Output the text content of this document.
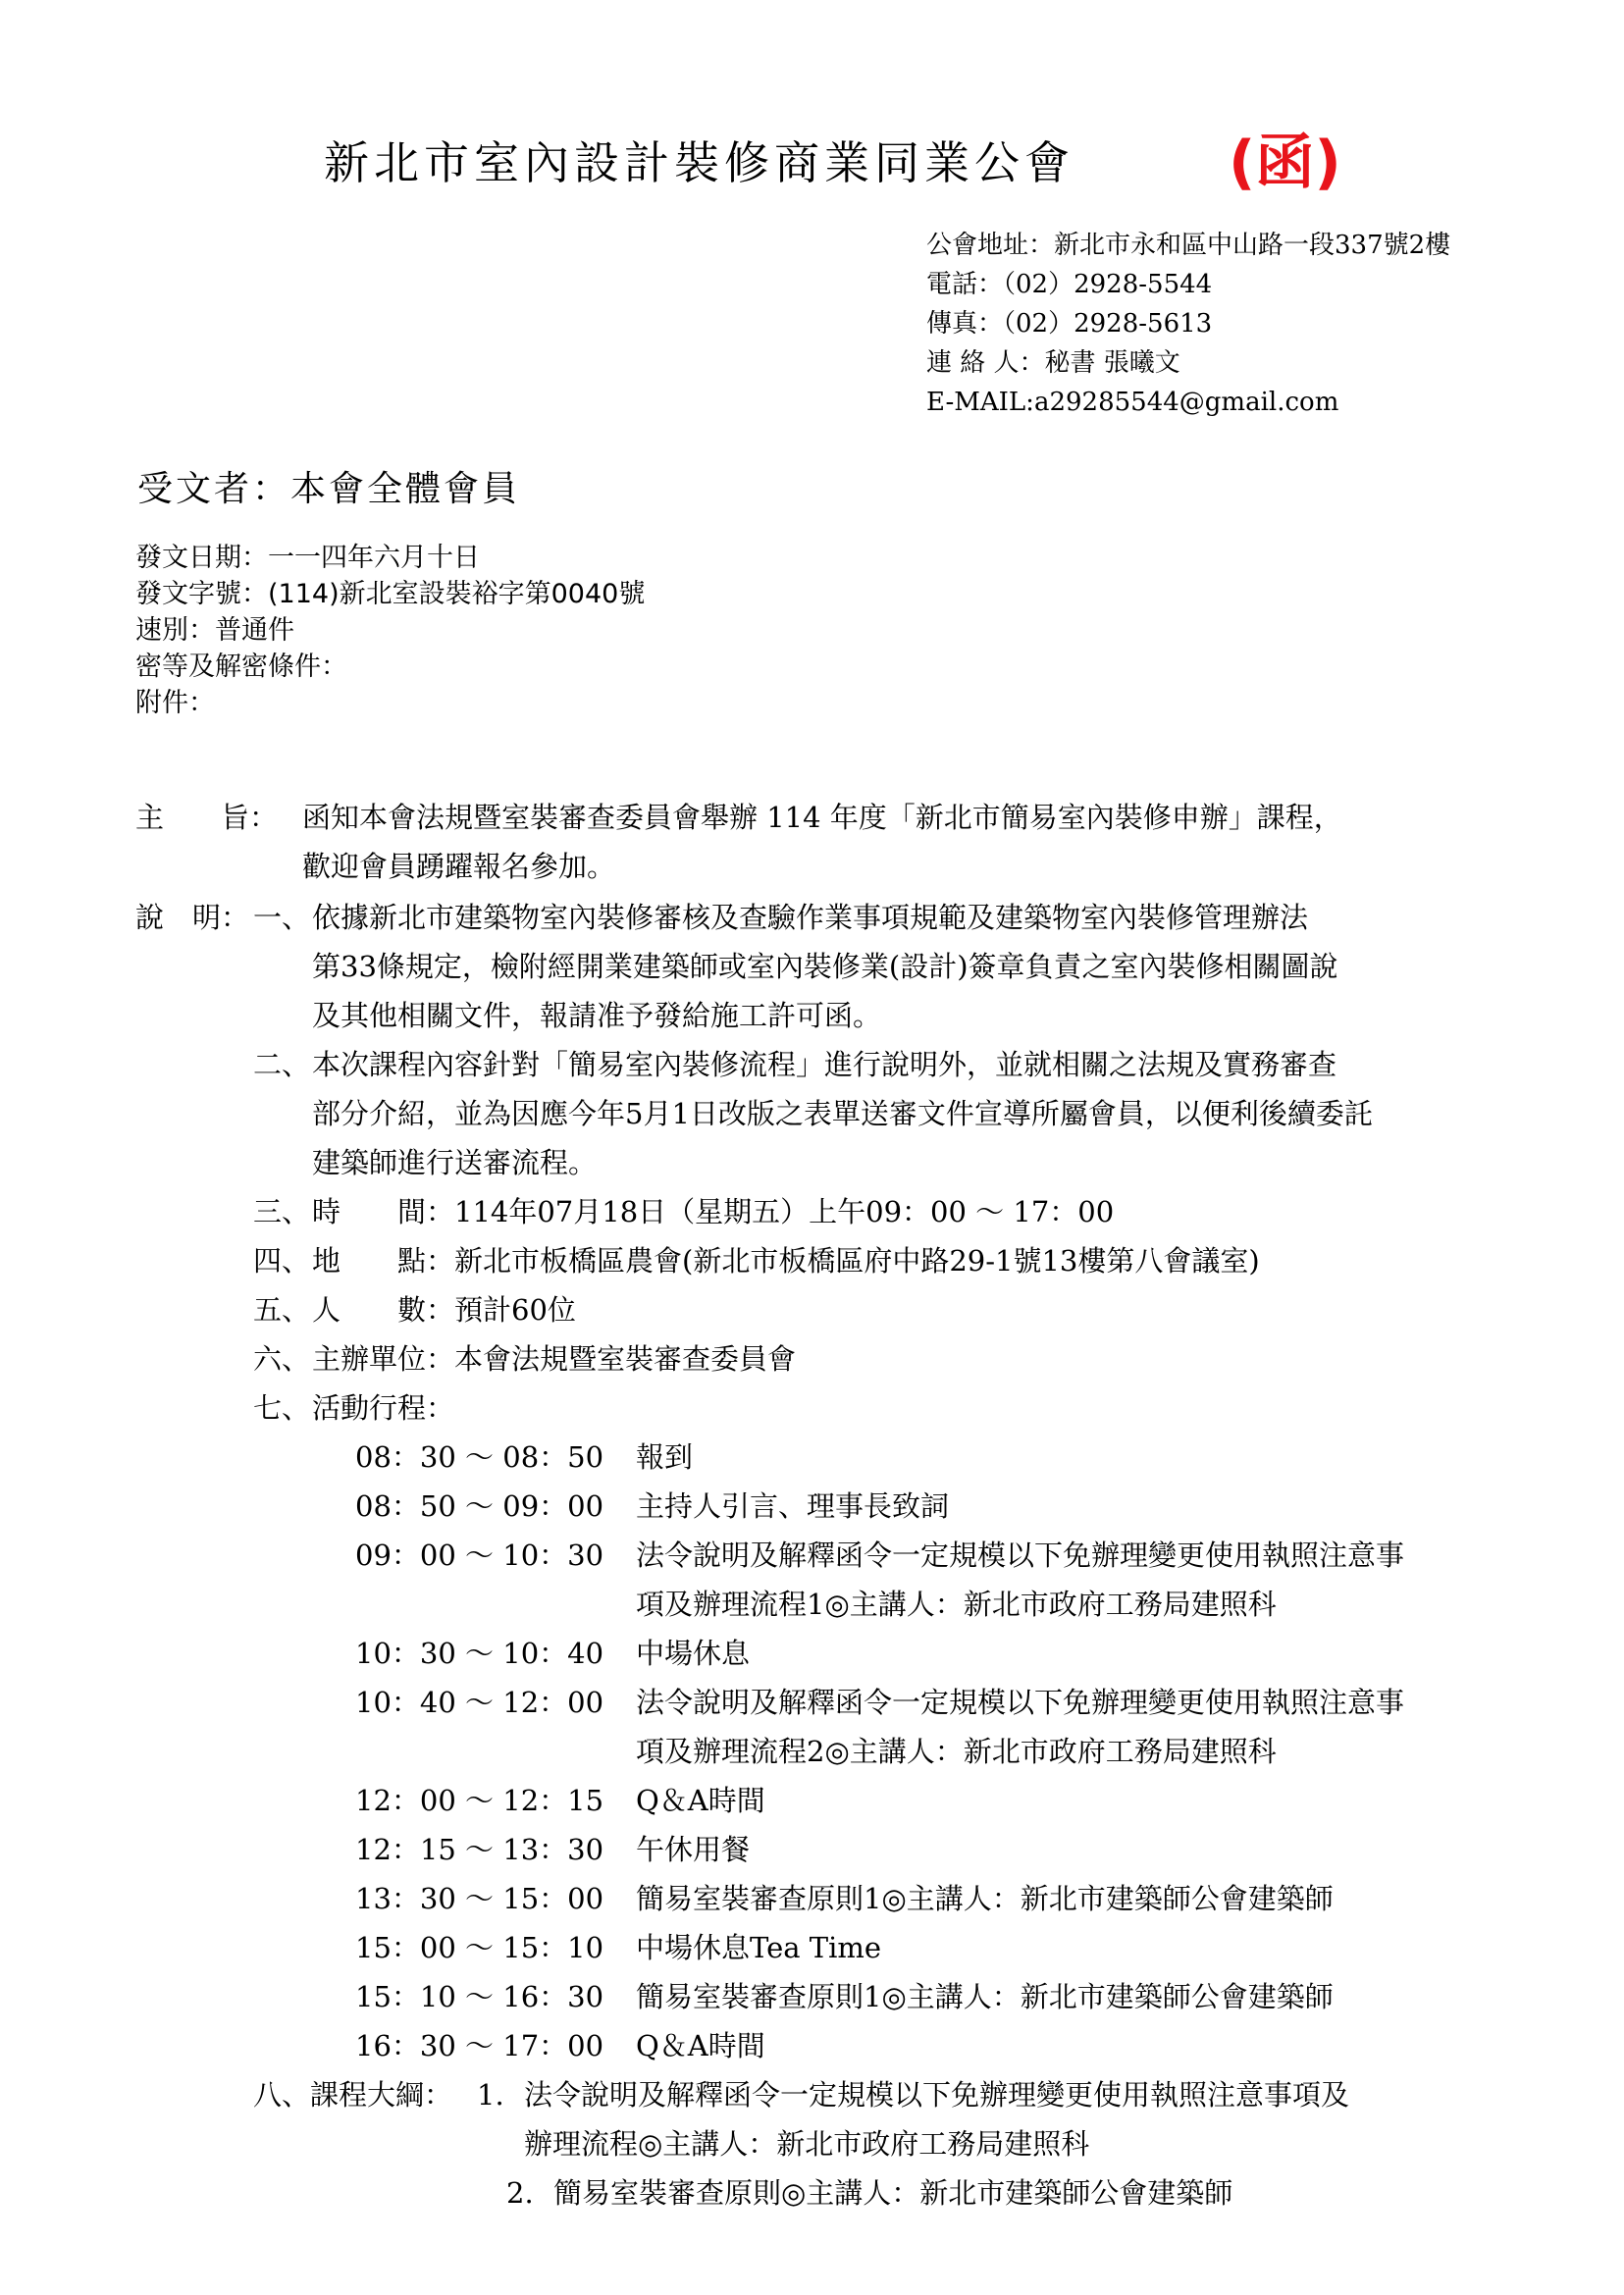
新北市室內設計裝修商業同業公會	(函)
公會地址：新北市永和區中山路一段337號2樓
電話：（02）2928-5544
傳真：（02）2928-5613
連 絡 人：秘書 張曦文
E-MAIL:a29285544@gmail.com
受文者：本會全體會員
發文日期：一一四年六月十日
發文字號：(114)新北室設裝裕字第0040號
速別：普通件
密等及解密條件：
附件：
主　　旨： 函知本會法規暨室裝審查委員會舉辦 114 年度「新北市簡易室內裝修申辦」課程，
歡迎會員踴躍報名參加。
說　明： 一、 依據新北市建築物室內裝修審核及查驗作業事項規範及建築物室內裝修管理辦法
第33條規定，檢附經開業建築師或室內裝修業(設計)簽章負責之室內裝修相關圖說
及其他相關文件，報請准予發給施工許可函。
二、 本次課程內容針對「簡易室內裝修流程」進行說明外，並就相關之法規及實務審查
部分介紹，並為因應今年5月1日改版之表單送審文件宣導所屬會員，以便利後續委託
建築師進行送審流程。
三、 時　　間：114年07月18日（星期五）上午09：00 ～ 17：00
四、 地　　點：新北市板橋區農會(新北市板橋區府中路29-1號13樓第八會議室)
五、 人　　數：預計60位
六、 主辦單位：本會法規暨室裝審查委員會
七、 活動行程：
08：30 ～ 08：50 報到
08：50 ～ 09：00 主持人引言、理事長致詞
09：00 ～ 10：30 法令說明及解釋函令一定規模以下免辦理變更使用執照注意事
項及辦理流程1◎主講人：新北市政府工務局建照科
10：30 ～ 10：40 中場休息
10：40 ～ 12：00 法令說明及解釋函令一定規模以下免辦理變更使用執照注意事
項及辦理流程2◎主講人：新北市政府工務局建照科
12：00 ～ 12：15 Q＆A時間
12：15 ～ 13：30 午休用餐
13：30 ～ 15：00 簡易室裝審查原則1◎主講人：新北市建築師公會建築師
15：00 ～ 15：10 中場休息Tea Time
15：10 ～ 16：30 簡易室裝審查原則1◎主講人：新北市建築師公會建築師
16：30 ～ 17：00 Q＆A時間
八、課程大綱： 1. 法令說明及解釋函令一定規模以下免辦理變更使用執照注意事項及
辦理流程◎主講人：新北市政府工務局建照科
2. 簡易室裝審查原則◎主講人：新北市建築師公會建築師
